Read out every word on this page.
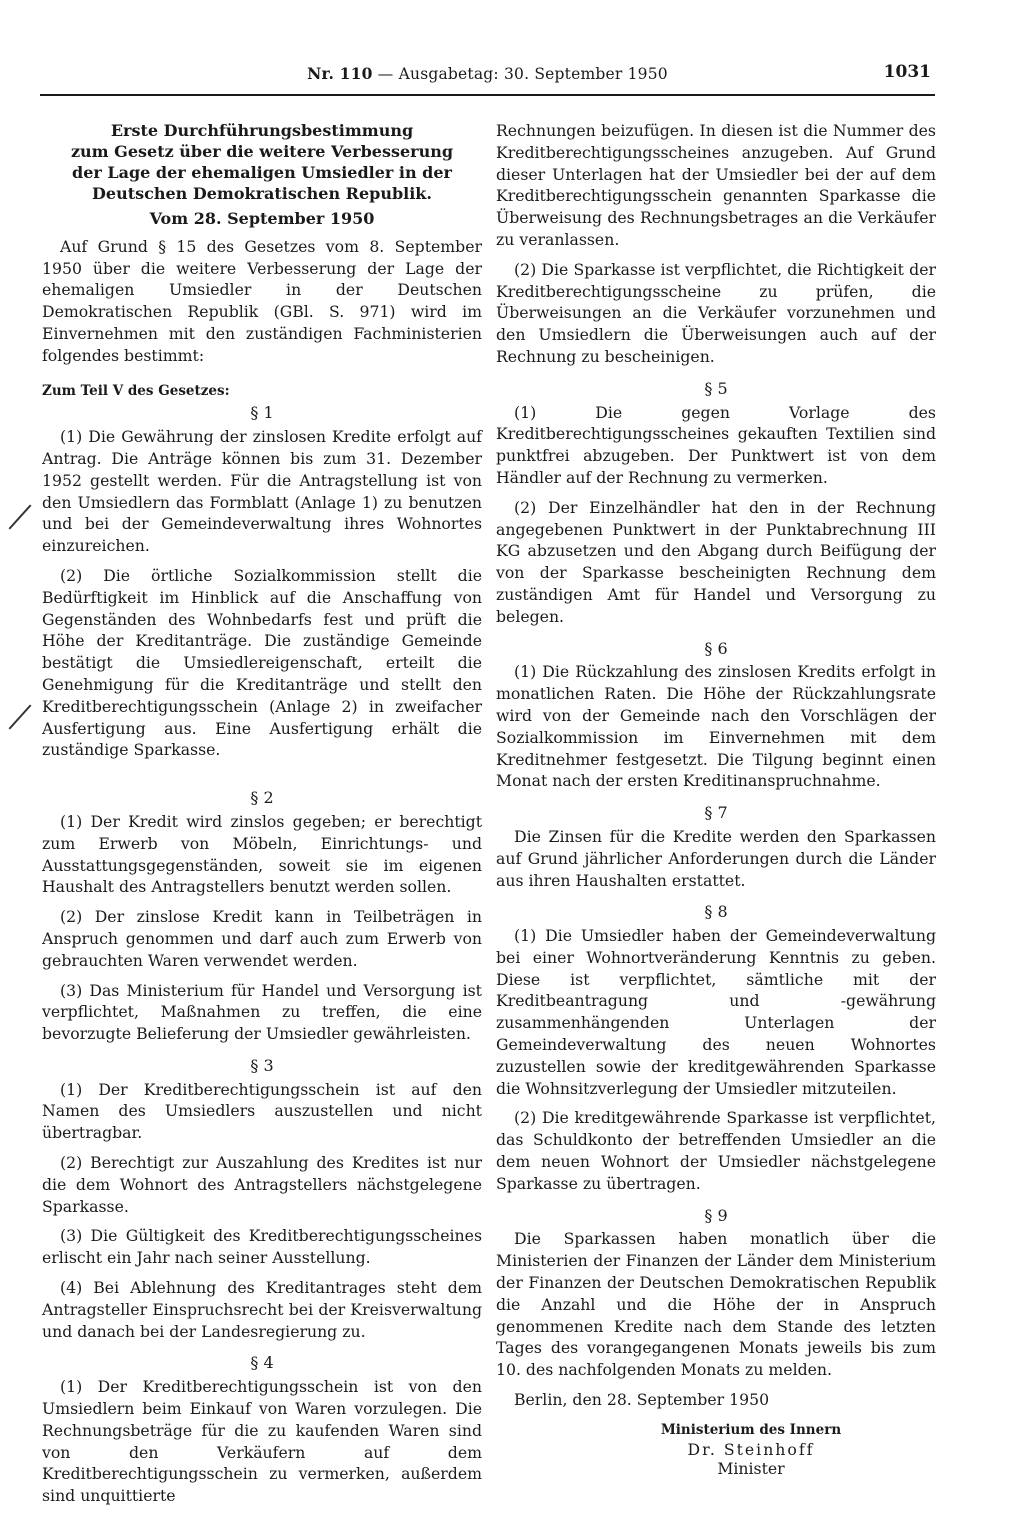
Nr. 110 — Ausgabetag: 30. September 1950	1031
Erste Durchführungsbestimmung
zum Gesetz über die weitere Verbesserung
der Lage der ehemaligen Umsiedler in der
Deutschen Demokratischen Republik.
Vom 28. September 1950

Auf Grund § 15 des Gesetzes vom 8. September 1950 über die weitere Verbesserung der Lage der ehemaligen Umsiedler in der Deutschen Demokratischen Republik (GBl. S. 971) wird im Einvernehmen mit den zuständigen Fachministerien folgendes bestimmt:

Zum Teil V des Gesetzes:

§ 1

(1) Die Gewährung der zinslosen Kredite erfolgt auf Antrag. Die Anträge können bis zum 31. Dezember 1952 gestellt werden. Für die Antragstellung ist von den Umsiedlern das Formblatt (Anlage 1) zu benutzen und bei der Gemeindeverwaltung ihres Wohnortes einzureichen.

(2) Die örtliche Sozialkommission stellt die Bedürftigkeit im Hinblick auf die Anschaffung von Gegenständen des Wohnbedarfs fest und prüft die Höhe der Kreditanträge. Die zuständige Gemeinde bestätigt die Umsiedlereigenschaft, erteilt die Genehmigung für die Kreditanträge und stellt den Kreditberechtigungsschein (Anlage 2) in zweifacher Ausfertigung aus. Eine Ausfertigung erhält die zuständige Sparkasse.

§ 2

(1) Der Kredit wird zinslos gegeben; er berechtigt zum Erwerb von Möbeln, Einrichtungs- und Ausstattungsgegenständen, soweit sie im eigenen Haushalt des Antragstellers benutzt werden sollen.

(2) Der zinslose Kredit kann in Teilbeträgen in Anspruch genommen und darf auch zum Erwerb von gebrauchten Waren verwendet werden.

(3) Das Ministerium für Handel und Versorgung ist verpflichtet, Maßnahmen zu treffen, die eine bevorzugte Belieferung der Umsiedler gewährleisten.

§ 3

(1) Der Kreditberechtigungsschein ist auf den Namen des Umsiedlers auszustellen und nicht übertragbar.

(2) Berechtigt zur Auszahlung des Kredites ist nur die dem Wohnort des Antragstellers nächstgelegene Sparkasse.

(3) Die Gültigkeit des Kreditberechtigungsscheines erlischt ein Jahr nach seiner Ausstellung.

(4) Bei Ablehnung des Kreditantrages steht dem Antragsteller Einspruchsrecht bei der Kreisverwaltung und danach bei der Landesregierung zu.

§ 4

(1) Der Kreditberechtigungsschein ist von den Umsiedlern beim Einkauf von Waren vorzulegen. Die Rechnungsbeträge für die zu kaufenden Waren sind von den Verkäufern auf dem Kreditberechtigungsschein zu vermerken, außerdem sind unquittierte

Rechnungen beizufügen. In diesen ist die Nummer des Kreditberechtigungsscheines anzugeben. Auf Grund dieser Unterlagen hat der Umsiedler bei der auf dem Kreditberechtigungsschein genannten Sparkasse die Überweisung des Rechnungsbetrages an die Verkäufer zu veranlassen.

(2) Die Sparkasse ist verpflichtet, die Richtigkeit der Kreditberechtigungsscheine zu prüfen, die Überweisungen an die Verkäufer vorzunehmen und den Umsiedlern die Überweisungen auch auf der Rechnung zu bescheinigen.

§ 5

(1) Die gegen Vorlage des Kreditberechtigungsscheines gekauften Textilien sind punktfrei abzugeben. Der Punktwert ist von dem Händler auf der Rechnung zu vermerken.

(2) Der Einzelhändler hat den in der Rechnung angegebenen Punktwert in der Punktabrechnung III KG abzusetzen und den Abgang durch Beifügung der von der Sparkasse bescheinigten Rechnung dem zuständigen Amt für Handel und Versorgung zu belegen.

§ 6

(1) Die Rückzahlung des zinslosen Kredits erfolgt in monatlichen Raten. Die Höhe der Rückzahlungsrate wird von der Gemeinde nach den Vorschlägen der Sozialkommission im Einvernehmen mit dem Kreditnehmer festgesetzt. Die Tilgung beginnt einen Monat nach der ersten Kreditinanspruchnahme.

§ 7

Die Zinsen für die Kredite werden den Sparkassen auf Grund jährlicher Anforderungen durch die Länder aus ihren Haushalten erstattet.

§ 8

(1) Die Umsiedler haben der Gemeindeverwaltung bei einer Wohnortveränderung Kenntnis zu geben. Diese ist verpflichtet, sämtliche mit der Kreditbeantragung und -gewährung zusammenhängenden Unterlagen der Gemeindeverwaltung des neuen Wohnortes zuzustellen sowie der kreditgewährenden Sparkasse die Wohnsitzverlegung der Umsiedler mitzuteilen.

(2) Die kreditgewährende Sparkasse ist verpflichtet, das Schuldkonto der betreffenden Umsiedler an die dem neuen Wohnort der Umsiedler nächstgelegene Sparkasse zu übertragen.

§ 9

Die Sparkassen haben monatlich über die Ministerien der Finanzen der Länder dem Ministerium der Finanzen der Deutschen Demokratischen Republik die Anzahl und die Höhe der in Anspruch genommenen Kredite nach dem Stande des letzten Tages des vorangegangenen Monats jeweils bis zum 10. des nachfolgenden Monats zu melden.

Berlin, den 28. September 1950

Ministerium des Innern
Dr. Steinhoff
Minister
